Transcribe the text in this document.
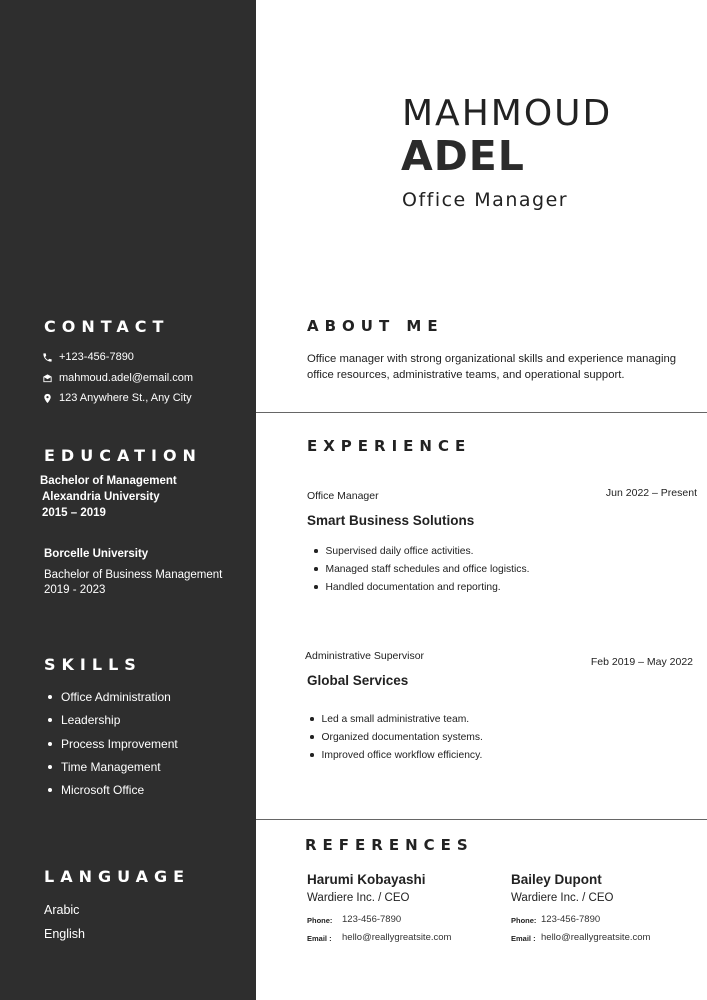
CONTACT
+123-456-7890
mahmoud.adel@email.com
123 Anywhere St., Any City
EDUCATION
Bachelor of Management
Alexandria University
2015 – 2019
Borcelle University
Bachelor of Business Management
2019 - 2023
SKILLS
Office Administration
Leadership
Process Improvement
Time Management
Microsoft Office
LANGUAGE
Arabic
English
MAHMOUD
ADEL
Office Manager
ABOUT ME
Office manager with strong organizational skills and experience managing
office resources, administrative teams, and operational support.
EXPERIENCE
Office Manager	Jun 2022 – Present
Smart Business Solutions
Supervised daily office activities.
Managed staff schedules and office logistics.
Handled documentation and reporting.
Administrative Supervisor	Feb 2019 – May 2022
Global Services
Led a small administrative team.
Organized documentation systems.
Improved office workflow efficiency.
REFERENCES
Harumi Kobayashi
Wardiere Inc. / CEO
Phone: 123-456-7890
Email : hello@reallygreatsite.com
Bailey Dupont
Wardiere Inc. / CEO
Phone: 123-456-7890
Email : hello@reallygreatsite.com
